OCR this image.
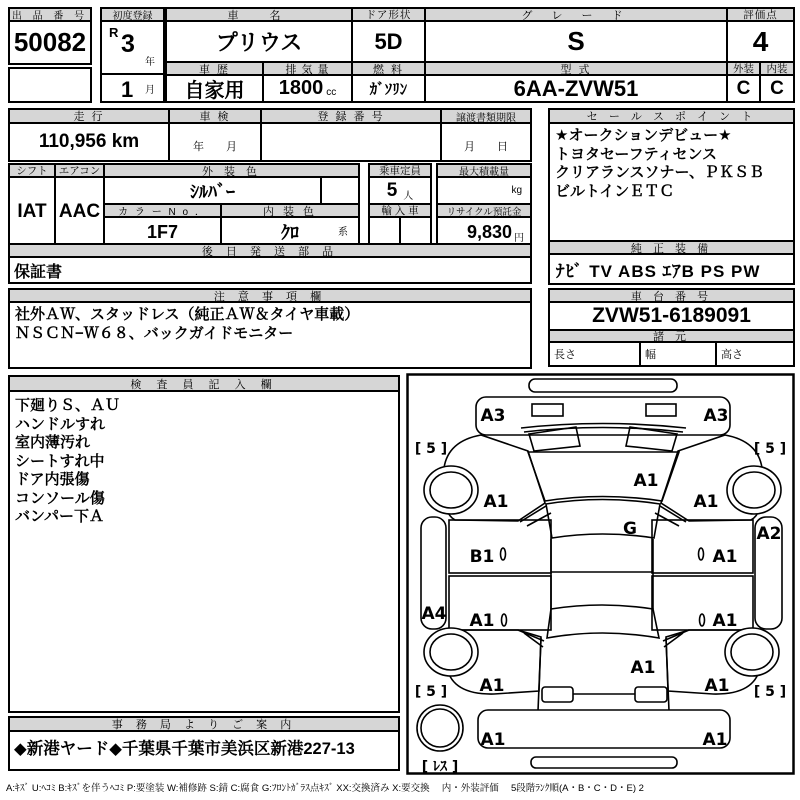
出 品 番 号
50082
初度登録
R 3
年
1 月
車　名
プリウス
車 歴
自家用
排 気 量
1800 cc
ドア形状
5D
燃 料
ｶﾞｿﾘﾝ
グ レ ー ド
S
型 式
6AA-ZVW51
評価点
4
外装	内装
C	C
走 行
110,956 km
車 検
年　　月
登 録 番 号	譲渡書類期限
月　　日
セ ー ル ス ポ イ ン ト
★オークションデビュー★
トヨタセーフティセンス
クリアランスソナー、ＰＫＳＢ
ビルトインＥＴＣ
純 正 装 備
ﾅﾋﾞ TV ABS ｴｱB PS PW
シフト
IAT
エアコン
AAC
外 装 色
ｼﾙﾊﾞｰ
カ ラ ー N o ．	内 装 色
1F7	ｸﾛ	系
乗車定員
5 人
輸 入 車
最大積載量
kg
リサイクル預託金
9,830 円
後 日 発 送 部 品
保証書
注 意 事 項 欄
社外ＡＷ、スタッドレス（純正ＡＷ＆タイヤ車載）
ＮＳＣＮ−Ｗ６８、バックガイドモニター
車 台 番 号
ZVW51-6189091
諸 元
長さ	幅	高さ
検 査 員 記 入 欄
下廻りＳ、ＡＵ
ハンドルすれ
室内薄汚れ
シートすれ中
ドア内張傷
コンソール傷
バンパー下Ａ
事 務 局 よ り ご 案 内
◆新港ヤード◆千葉県千葉市美浜区新港227-13
A:ｷｽﾞ U:ﾍｺﾐ B:ｷｽﾞを伴うﾍｺﾐ P:要塗装 W:補修跡 S:錆 C:腐食 G:ﾌﾛﾝﾄｶﾞﾗｽ点ｷｽﾞ XX:交換済み X:要交換　 内・外装評価　 5段階ﾗﾝｸ順(A・B・C・D・E) 2
A3	A3
[ 5 ]	[ 5 ]
A1
A1
A1
G	A2
B1	A1
A4 A1	A1
A1
A1	A1
[ 5 ]	[ 5 ]
A1	A1
[ ﾚｽ ]
